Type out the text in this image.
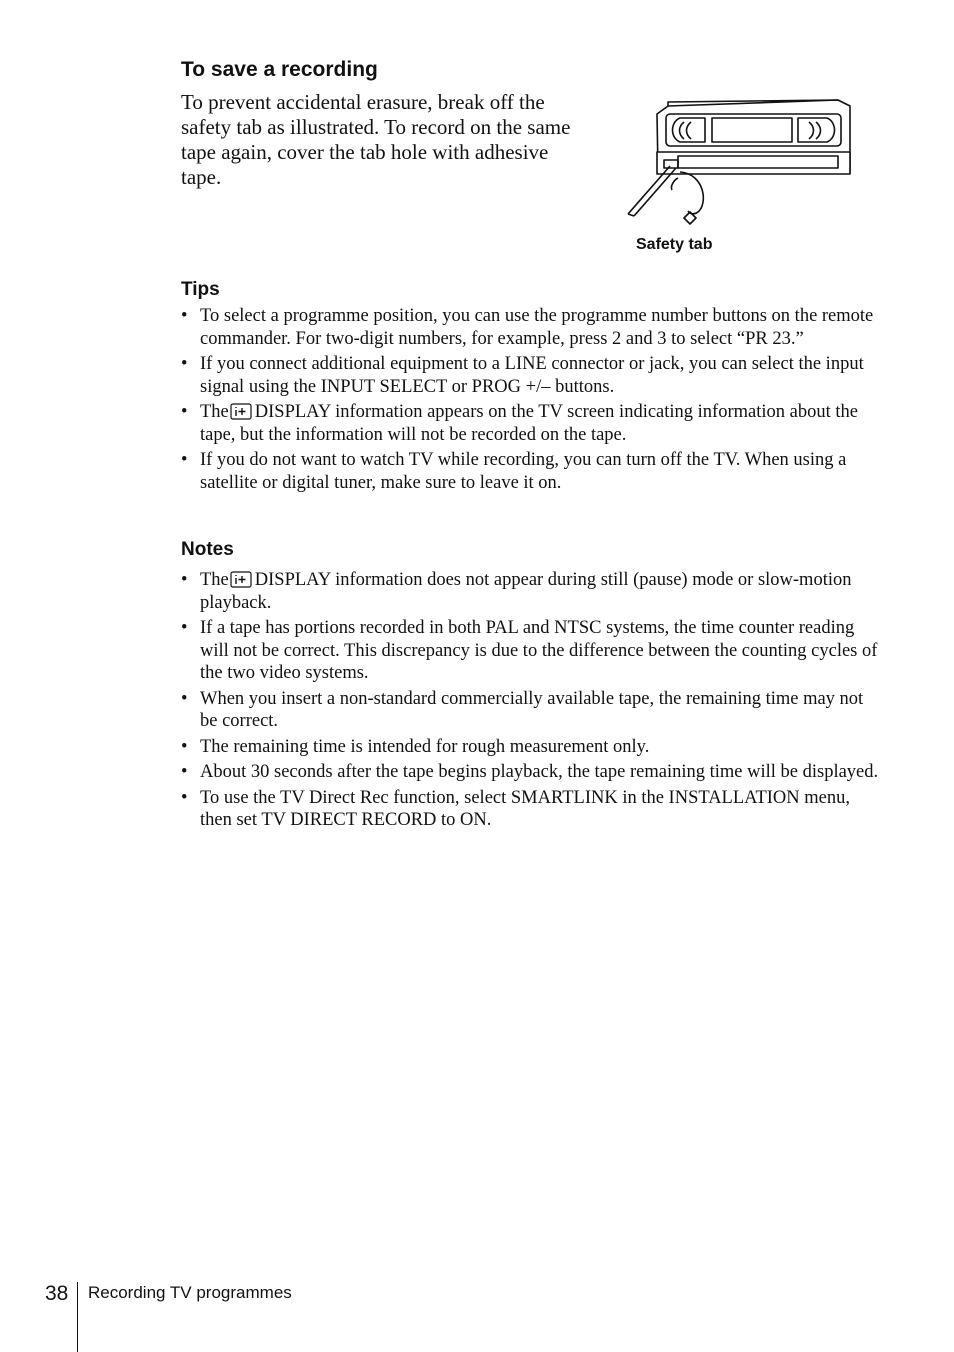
To save a recording

To prevent accidental erasure, break off the safety tab as illustrated. To record on the same tape again, cover the tab hole with adhesive tape.

Safety tab
Tips
• To select a programme position, you can use the programme number buttons on the remote commander. For two-digit numbers, for example, press 2 and 3 to select “PR 23.”
• If you connect additional equipment to a LINE connector or jack, you can select the input signal using the INPUT SELECT or PROG +/– buttons.
• The DISPLAY information appears on the TV screen indicating information about the tape, but the information will not be recorded on the tape.
• If you do not want to watch TV while recording, you can turn off the TV. When using a satellite or digital tuner, make sure to leave it on.
Notes
• The DISPLAY information does not appear during still (pause) mode or slow-motion playback.
• If a tape has portions recorded in both PAL and NTSC systems, the time counter reading will not be correct. This discrepancy is due to the difference between the counting cycles of the two video systems.
• When you insert a non-standard commercially available tape, the remaining time may not be correct.
• The remaining time is intended for rough measurement only.
• About 30 seconds after the tape begins playback, the tape remaining time will be displayed.
• To use the TV Direct Rec function, select SMARTLINK in the INSTALLATION menu, then set TV DIRECT RECORD to ON.
38 Recording TV programmes
